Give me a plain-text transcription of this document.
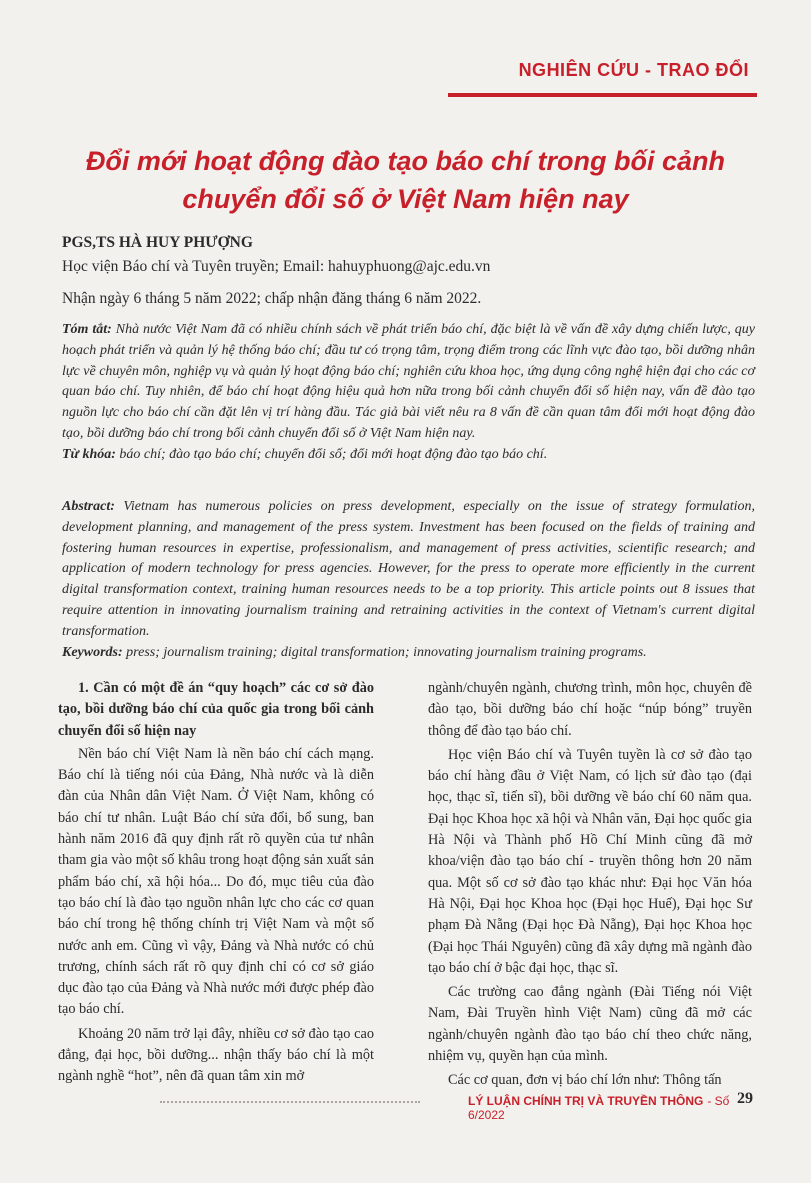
NGHIÊN CỨU - TRAO ĐỔI
Đổi mới hoạt động đào tạo báo chí trong bối cảnh
chuyển đổi số ở Việt Nam hiện nay
PGS,TS HÀ HUY PHƯỢNG
Học viện Báo chí và Tuyên truyền; Email: hahuyphuong@ajc.edu.vn
Nhận ngày 6 tháng 5 năm 2022; chấp nhận đăng tháng 6 năm 2022.

Tóm tắt: Nhà nước Việt Nam đã có nhiều chính sách về phát triển báo chí, đặc biệt là về vấn đề xây dựng chiến lược, quy hoạch phát triển và quản lý hệ thống báo chí; đầu tư có trọng tâm, trọng điểm trong các lĩnh vực đào tạo, bồi dưỡng nhân lực về chuyên môn, nghiệp vụ và quản lý hoạt động báo chí; nghiên cứu khoa học, ứng dụng công nghệ hiện đại cho các cơ quan báo chí. Tuy nhiên, để báo chí hoạt động hiệu quả hơn nữa trong bối cảnh chuyển đổi số hiện nay, vấn đề đào tạo nguồn lực cho báo chí cần đặt lên vị trí hàng đầu. Tác giả bài viết nêu ra 8 vấn đề cần quan tâm đổi mới hoạt động đào tạo, bồi dưỡng báo chí trong bối cảnh chuyển đổi số ở Việt Nam hiện nay.

Từ khóa: báo chí; đào tạo báo chí; chuyển đổi số; đổi mới hoạt động đào tạo báo chí.

Abstract: Vietnam has numerous policies on press development, especially on the issue of strategy formulation, development planning, and management of the press system. Investment has been focused on the fields of training and fostering human resources in expertise, professionalism, and management of press activities, scientific research; and application of modern technology for press agencies. However, for the press to operate more efficiently in the current digital transformation context, training human resources needs to be a top priority. This article points out 8 issues that require attention in innovating journalism training and retraining activities in the context of Vietnam's current digital transformation.

Keywords: press; journalism training; digital transformation; innovating journalism training programs.

1. Cần có một đề án “quy hoạch” các cơ sở đào tạo, bồi dưỡng báo chí của quốc gia trong bối cảnh chuyển đổi số hiện nay

Nền báo chí Việt Nam là nền báo chí cách mạng. Báo chí là tiếng nói của Đảng, Nhà nước và là diễn đàn của Nhân dân Việt Nam. Ở Việt Nam, không có báo chí tư nhân. Luật Báo chí sửa đổi, bổ sung, ban hành năm 2016 đã quy định rất rõ quyền của tư nhân tham gia vào một số khâu trong hoạt động sản xuất sản phẩm báo chí, xã hội hóa... Do đó, mục tiêu của đào tạo báo chí là đào tạo nguồn nhân lực cho các cơ quan báo chí trong hệ thống chính trị Việt Nam và một số nước anh em. Cũng vì vậy, Đảng và Nhà nước có chủ trương, chính sách rất rõ quy định chỉ có cơ sở giáo dục đào tạo của Đảng và Nhà nước mới được phép đào tạo báo chí.

Khoảng 20 năm trở lại đây, nhiều cơ sở đào tạo cao đẳng, đại học, bồi dưỡng... nhận thấy báo chí là một ngành nghề “hot”, nên đã quan tâm xin mở

ngành/chuyên ngành, chương trình, môn học, chuyên đề đào tạo, bồi dưỡng báo chí hoặc “núp bóng” truyền thông để đào tạo báo chí.

Học viện Báo chí và Tuyên tuyền là cơ sở đào tạo báo chí hàng đầu ở Việt Nam, có lịch sử đào tạo (đại học, thạc sĩ, tiến sĩ), bồi dưỡng về báo chí 60 năm qua. Đại học Khoa học xã hội và Nhân văn, Đại học quốc gia Hà Nội và Thành phố Hồ Chí Minh cũng đã mở khoa/viện đào tạo báo chí - truyền thông hơn 20 năm qua. Một số cơ sở đào tạo khác như: Đại học Văn hóa Hà Nội, Đại học Khoa học (Đại học Huế), Đại học Sư phạm Đà Nẵng (Đại học Đà Nẵng), Đại học Khoa học (Đại học Thái Nguyên) cũng đã xây dựng mã ngành đào tạo báo chí ở bậc đại học, thạc sĩ.

Các trường cao đẳng ngành (Đài Tiếng nói Việt Nam, Đài Truyền hình Việt Nam) cũng đã mở các ngành/chuyên ngành đào tạo báo chí theo chức năng, nhiệm vụ, quyền hạn của mình.

Các cơ quan, đơn vị báo chí lớn như: Thông tấn

LÝ LUẬN CHÍNH TRỊ VÀ TRUYỀN THÔNG - Số 6/2022
29
